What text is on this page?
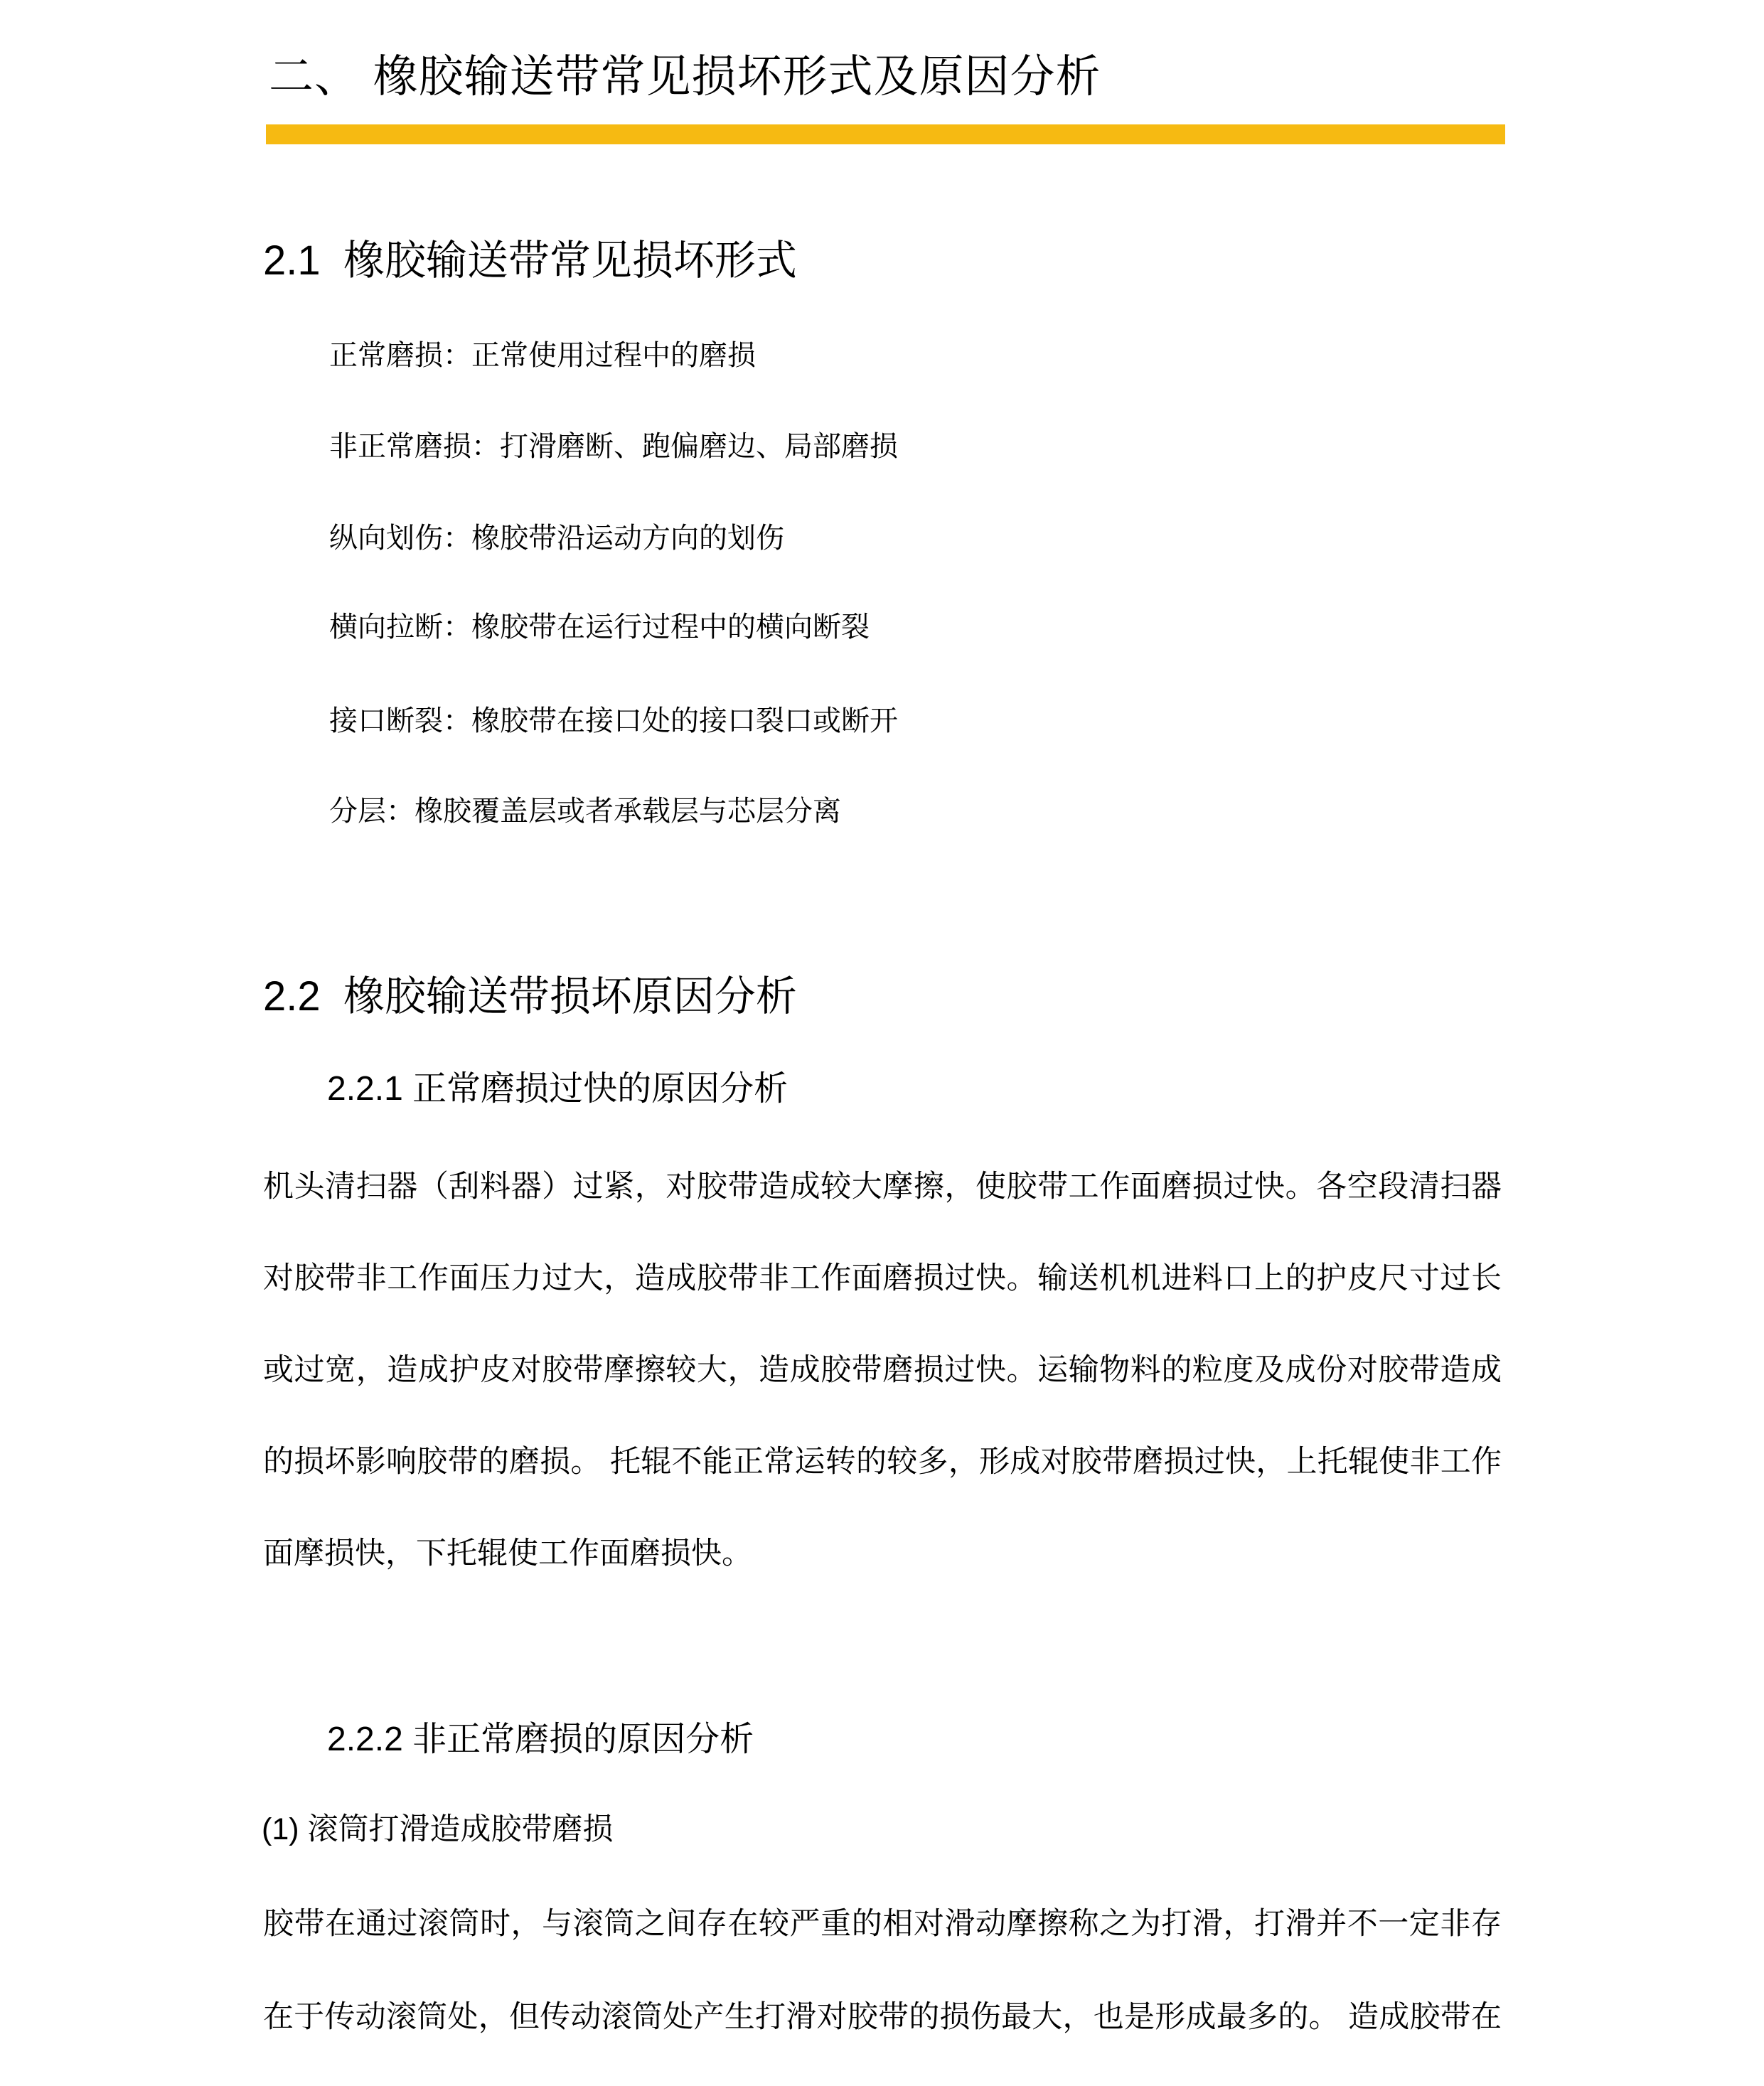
二、 橡胶输送带常见损坏形式及原因分析
2.1  橡胶输送带常见损坏形式
正常磨损：正常使用过程中的磨损
非正常磨损：打滑磨断、跑偏磨边、局部磨损
纵向划伤：橡胶带沿运动方向的划伤
横向拉断：橡胶带在运行过程中的横向断裂
接口断裂：橡胶带在接口处的接口裂口或断开
分层：橡胶覆盖层或者承载层与芯层分离
2.2  橡胶输送带损坏原因分析
2.2.1 正常磨损过快的原因分析
机头清扫器（刮料器）过紧，对胶带造成较大摩擦，使胶带工作面磨损过快。各空段清扫器
对胶带非工作面压力过大，造成胶带非工作面磨损过快。输送机机进料口上的护皮尺寸过长
或过宽，造成护皮对胶带摩擦较大，造成胶带磨损过快。运输物料的粒度及成份对胶带造成
的损坏影响胶带的磨损。 托辊不能正常运转的较多，形成对胶带磨损过快，上托辊使非工作
面摩损快，下托辊使工作面磨损快。
2.2.2 非正常磨损的原因分析
(1) 滚筒打滑造成胶带磨损
胶带在通过滚筒时，与滚筒之间存在较严重的相对滑动摩擦称之为打滑，打滑并不一定非存
在于传动滚筒处，但传动滚筒处产生打滑对胶带的损伤最大，也是形成最多的。 造成胶带在
